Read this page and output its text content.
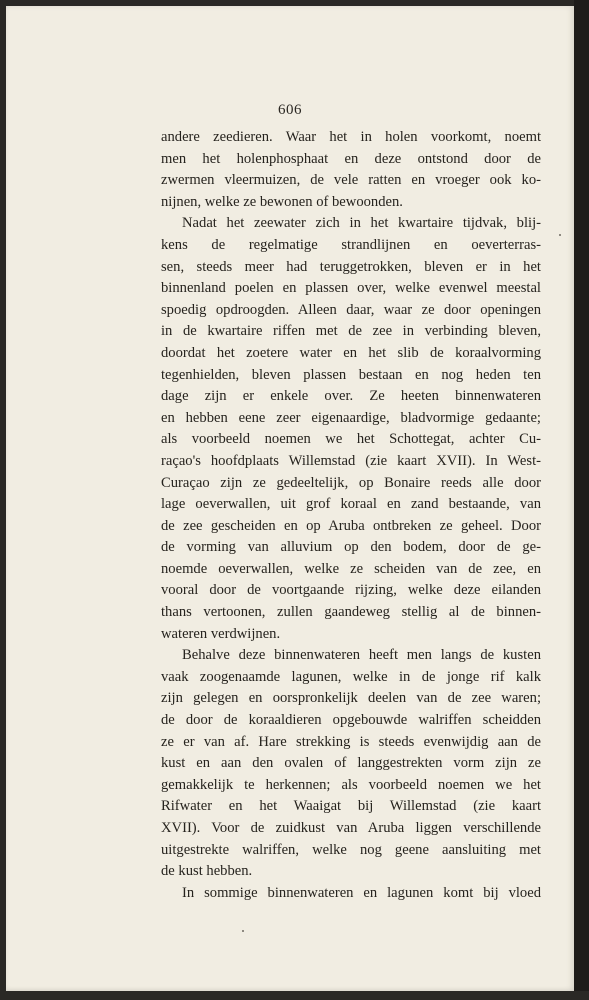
606
andere zeedieren. Waar het in holen voorkomt, noemt
men het holenphosphaat en deze ontstond door de
zwermen vleermuizen, de vele ratten en vroeger ook ko-
nijnen, welke ze bewonen of bewoonden.
Nadat het zeewater zich in het kwartaire tijdvak, blij-
kens de regelmatige strandlijnen en oeverterras-
sen, steeds meer had teruggetrokken, bleven er in het
binnenland poelen en plassen over, welke evenwel meestal
spoedig opdroogden. Alleen daar, waar ze door openingen
in de kwartaire riffen met de zee in verbinding bleven,
doordat het zoetere water en het slib de koraalvorming
tegenhielden, bleven plassen bestaan en nog heden ten
dage zijn er enkele over. Ze heeten binnenwateren
en hebben eene zeer eigenaardige, bladvormige gedaante;
als voorbeeld noemen we het Schottegat, achter Cu-
raçao's hoofdplaats Willemstad (zie kaart XVII). In West-
Curaçao zijn ze gedeeltelijk, op Bonaire reeds alle door
lage oeverwallen, uit grof koraal en zand bestaande, van
de zee gescheiden en op Aruba ontbreken ze geheel. Door
de vorming van alluvium op den bodem, door de ge-
noemde oeverwallen, welke ze scheiden van de zee, en
vooral door de voortgaande rijzing, welke deze eilanden
thans vertoonen, zullen gaandeweg stellig al de binnen-
wateren verdwijnen.
Behalve deze binnenwateren heeft men langs de kusten
vaak zoogenaamde lagunen, welke in de jonge rif kalk
zijn gelegen en oorspronkelijk deelen van de zee waren;
de door de koraaldieren opgebouwde walriffen scheidden
ze er van af. Hare strekking is steeds evenwijdig aan de
kust en aan den ovalen of langgestrekten vorm zijn ze
gemakkelijk te herkennen; als voorbeeld noemen we het
Rifwater en het Waaigat bij Willemstad (zie kaart
XVII). Voor de zuidkust van Aruba liggen verschillende
uitgestrekte walriffen, welke nog geene aansluiting met
de kust hebben.
In sommige binnenwateren en lagunen komt bij vloed
